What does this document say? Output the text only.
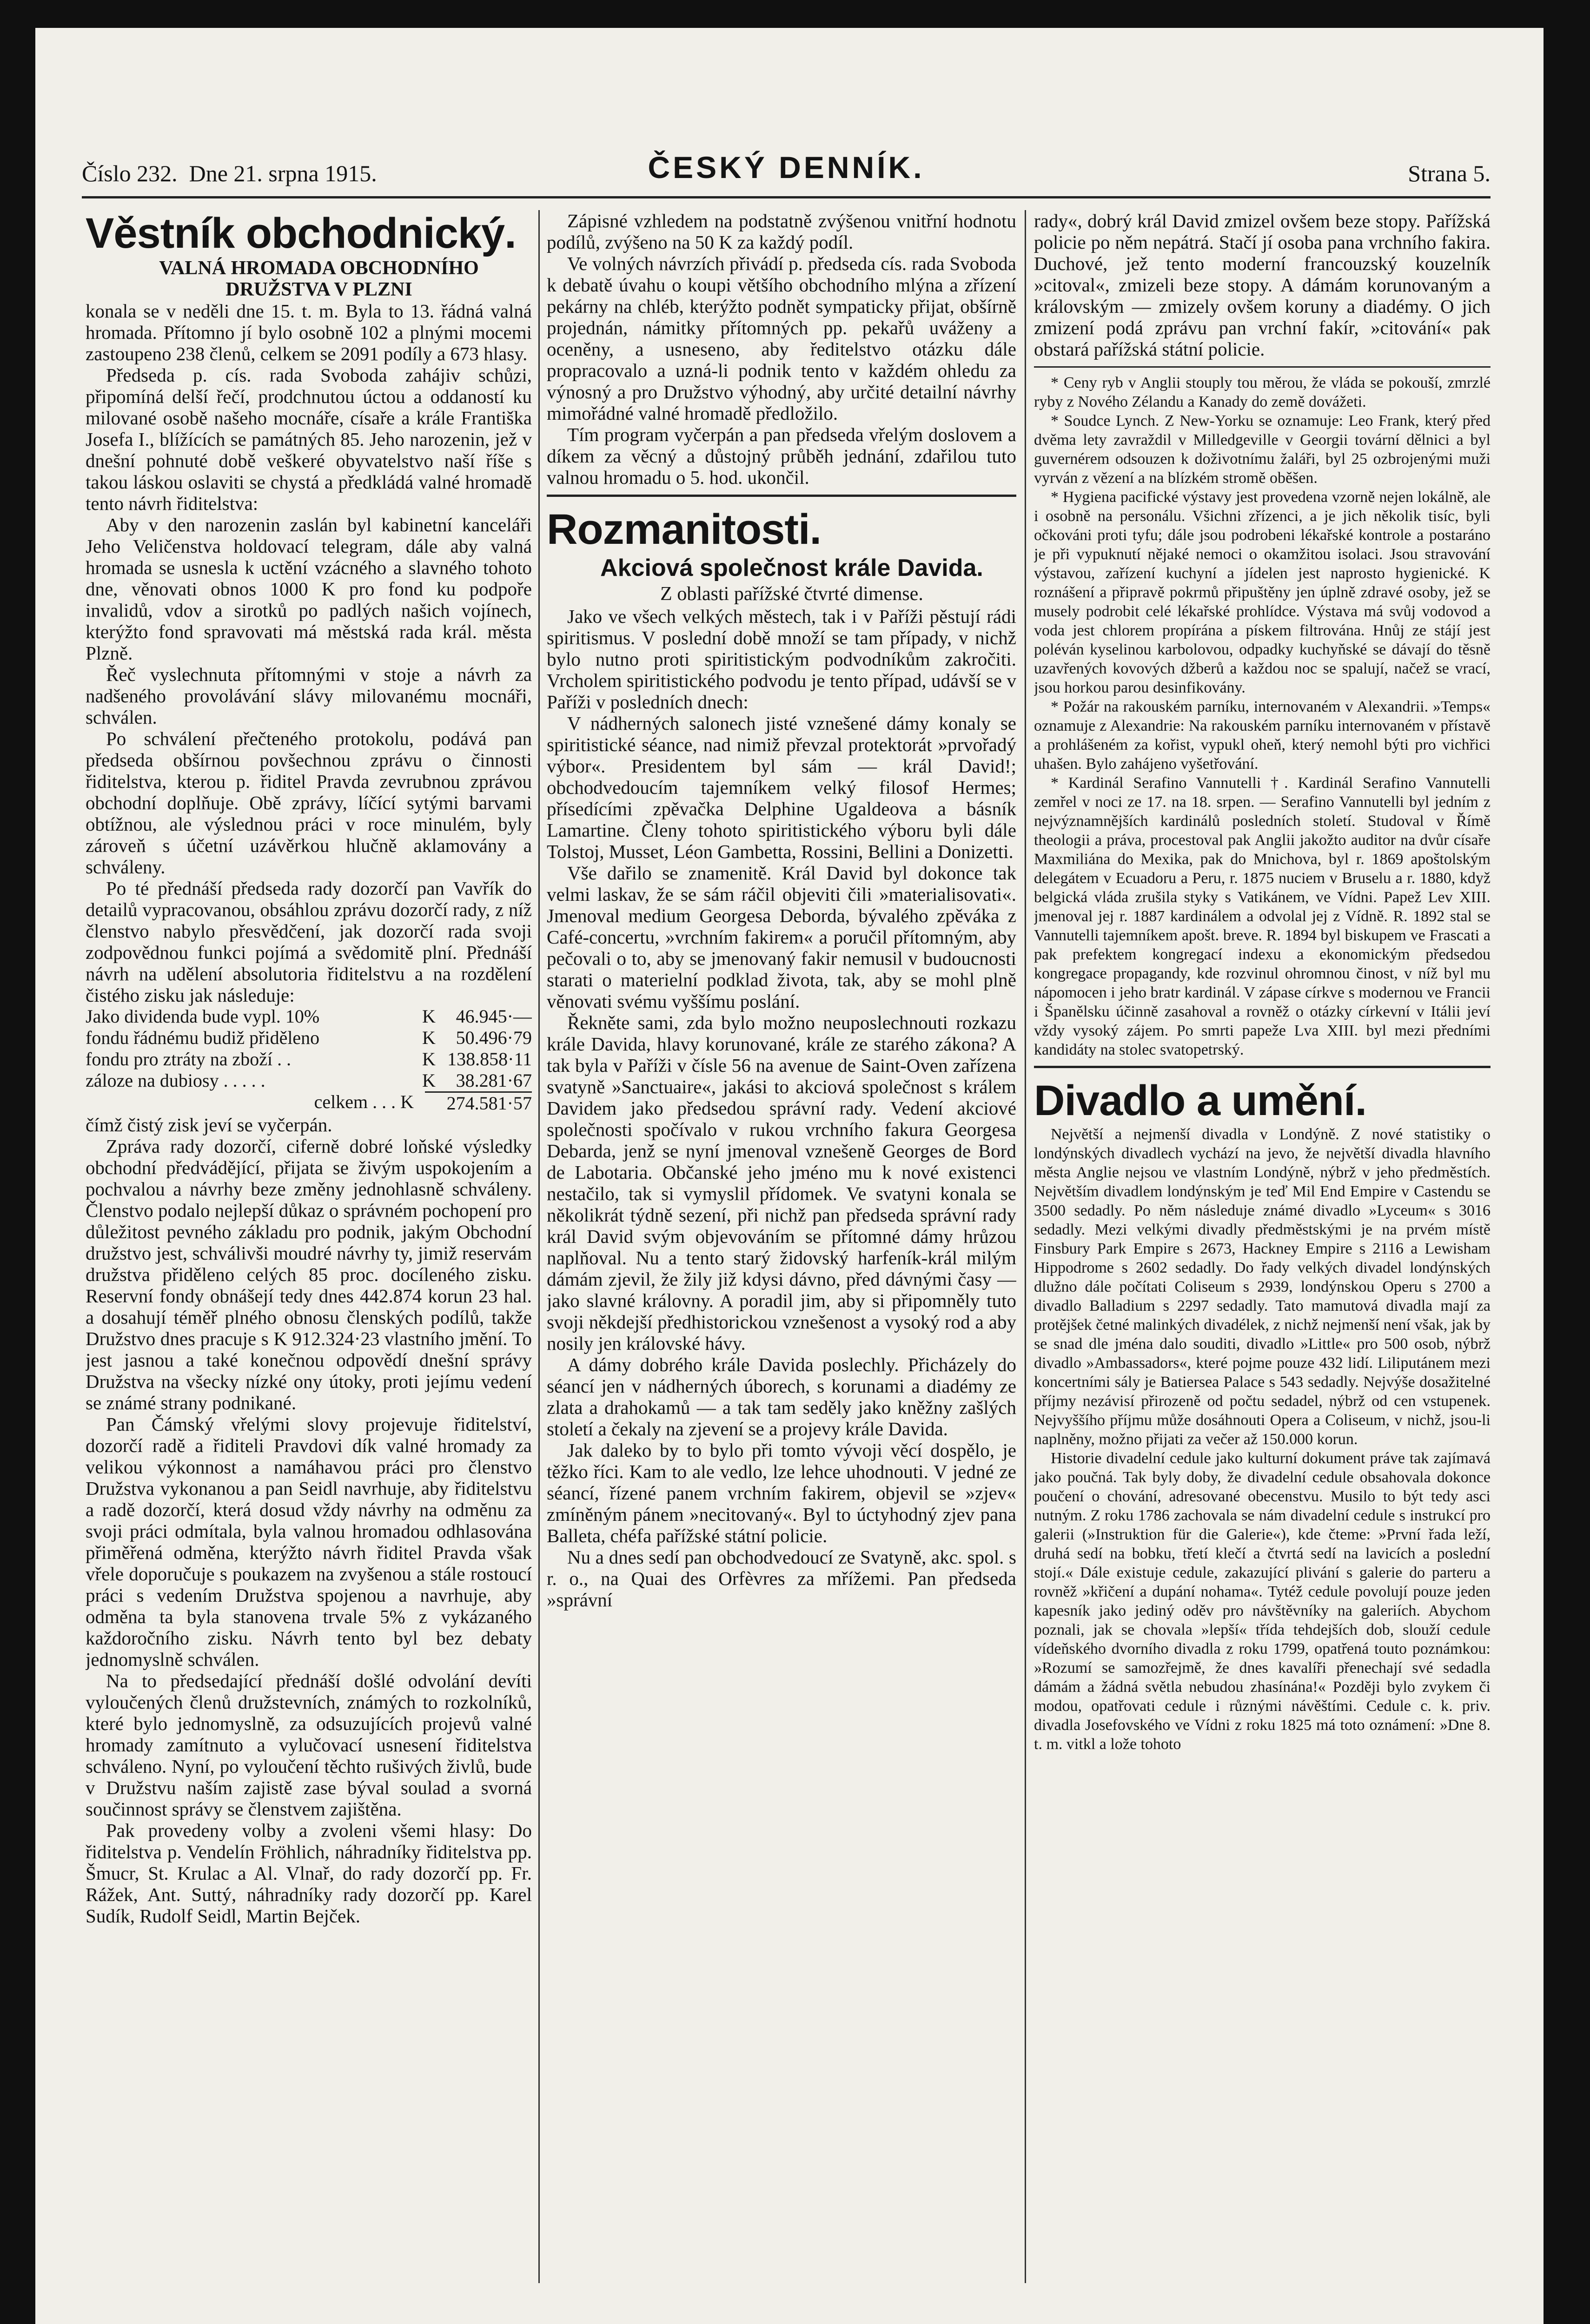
Číslo 232. Dne 21. srpna 1915.	ČESKÝ DENNÍK.	Strana 5.
Věstník obchodnický.

VALNÁ HROMADA OBCHODNÍHO

DRUŽSTVA V PLZNI

konala se v neděli dne 15. t. m. Byla to 13. řádná valná hromada. Přítomno jí bylo osobně 102 a plnými mocemi zastoupeno 238 členů, celkem se 2091 podíly a 673 hlasy.

Předseda p. cís. rada Svoboda zahájiv schůzi, připomíná delší řečí, prodchnutou úctou a oddaností ku milované osobě našeho mocnáře, císaře a krále Františka Josefa I., blížících se památných 85. Jeho narozenin, jež v dnešní pohnuté době veškeré obyvatelstvo naší říše s takou láskou oslaviti se chystá a předkládá valné hromadě tento návrh řiditelstva:

Aby v den narozenin zaslán byl kabinetní kanceláři Jeho Veličenstva holdovací telegram, dále aby valná hromada se usnesla k uctění vzácného a slavného tohoto dne, věnovati obnos 1000 K pro fond ku podpoře invalidů, vdov a sirotků po padlých našich vojínech, kterýžto fond spravovati má městská rada král. města Plzně.

Řeč vyslechnuta přítomnými v stoje a návrh za nadšeného provolávání slávy milovanému mocnáři, schválen.

Po schválení přečteného protokolu, podává pan předseda obšírnou povšechnou zprávu o činnosti řiditelstva, kterou p. řiditel Pravda zevrubnou zprávou obchodní doplňuje. Obě zprávy, líčící sytými barvami obtížnou, ale výslednou práci v roce minulém, byly zároveň s účetní uzávěrkou hlučně aklamovány a schváleny.

Po té přednáší předseda rady dozorčí pan Vavřík do detailů vypracovanou, obsáhlou zprávu dozorčí rady, z níž členstvo nabylo přesvědčení, jak dozorčí rada svoji zodpovědnou funkci pojímá a svědomitě plní. Přednáší návrh na udělení absolutoria řiditelstvu a na rozdělení čistého zisku jak následuje:

Jako dividenda bude vypl. 10%	K	46.945·—
fondu řádnému budiž přiděleno	K	50.496·79
fondu pro ztráty na zboží . .	K 138.858·11
záloze na dubiosy . . . . .	K	38.281·67
celkem . . . K	274.581·57

čímž čistý zisk jeví se vyčerpán.

Zpráva rady dozorčí, ciferně dobré loňské výsledky obchodní předvádějící, přijata se živým uspokojením a pochvalou a návrhy beze změny jednohlasně schváleny. Členstvo podalo nejlepší důkaz o správném pochopení pro důležitost pevného základu pro podnik, jakým Obchodní družstvo jest, schválivši moudré návrhy ty, jimiž reservám družstva přiděleno celých 85 proc. docíleného zisku. Reservní fondy obnášejí tedy dnes 442.874 korun 23 hal. a dosahují téměř plného obnosu členských podílů, takže Družstvo dnes pracuje s K 912.324·23 vlastního jmění. To jest jasnou a také konečnou odpovědí dnešní správy Družstva na všecky nízké ony útoky, proti jejímu vedení se známé strany podnikané.

Pan Čámský vřelými slovy projevuje řiditelství, dozorčí radě a řiditeli Pravdovi dík valné hromady za velikou výkonnost a namáhavou práci pro členstvo Družstva vykonanou a pan Seidl navrhuje, aby řiditelstvu a radě dozorčí, která dosud vždy návrhy na odměnu za svoji práci odmítala, byla valnou hromadou odhlasována přiměřená odměna, kterýžto návrh řiditel Pravda však vřele doporučuje s poukazem na zvyšenou a stále rostoucí práci s vedením Družstva spojenou a navrhuje, aby odměna ta byla stanovena trvale 5% z vykázaného každoročního zisku. Návrh tento byl bez debaty jednomyslně schválen.

Na to předsedající přednáší došlé odvolání devíti vyloučených členů družstevních, známých to rozkolníků, které bylo jednomyslně, za odsuzujících projevů valné hromady zamítnuto a vylučovací usnesení řiditelstva schváleno. Nyní, po vyloučení těchto rušivých živlů, bude v Družstvu naším zajistě zase býval soulad a svorná součinnost správy se členstvem zajištěna.

Pak provedeny volby a zvoleni všemi hlasy: Do řiditelstva p. Vendelín Fröhlich, náhradníky řiditelstva pp. Šmucr, St. Krulac a Al. Vlnař, do rady dozorčí pp. Fr. Rážek, Ant. Suttý, náhradníky rady dozorčí pp. Karel Sudík, Rudolf Seidl, Martin Bejček.

Zápisné vzhledem na podstatně zvýšenou vnitřní hodnotu podílů, zvýšeno na 50 K za každý podíl.

Ve volných návrzích přivádí p. předseda cís. rada Svoboda k debatě úvahu o koupi většího obchodního mlýna a zřízení pekárny na chléb, kterýžto podnět sympaticky přijat, obšírně projednán, námitky přítomných pp. pekařů uváženy a oceněny, a usneseno, aby ředitelstvo otázku dále propracovalo a uzná-li podnik tento v každém ohledu za výnosný a pro Družstvo výhodný, aby určité detailní návrhy mimořádné valné hromadě předložilo.

Tím program vyčerpán a pan předseda vřelým doslovem a díkem za věcný a důstojný průběh jednání, zdařilou tuto valnou hromadu o 5. hod. ukončil.

Rozmanitosti.

Akciová společnost krále Davida.

Z oblasti pařížské čtvrté dimense.

Jako ve všech velkých městech, tak i v Paříži pěstují rádi spiritismus. V poslední době množí se tam případy, v nichž bylo nutno proti spiritistickým podvodníkům zakročiti. Vrcholem spiritistického podvodu je tento případ, udávší se v Paříži v posledních dnech:

V nádherných salonech jisté vznešené dámy konaly se spiritistické séance, nad nimiž převzal protektorát »prvořadý výbor«. Presidentem byl sám — král David!; obchodvedoucím tajemníkem velký filosof Hermes; přísedícími zpěvačka Delphine Ugaldeova a básník Lamartine. Členy tohoto spiritistického výboru byli dále Tolstoj, Musset, Léon Gambetta, Rossini, Bellini a Donizetti.

Vše dařilo se znamenitě. Král David byl dokonce tak velmi laskav, že se sám ráčil objeviti čili »materialisovati«. Jmenoval medium Georgesa Deborda, bývalého zpěváka z Café-concertu, »vrchním fakirem« a poručil přítomným, aby pečovali o to, aby se jmenovaný fakir nemusil v budoucnosti starati o materielní podklad života, tak, aby se mohl plně věnovati svému vyššímu poslání.

Řekněte sami, zda bylo možno neuposlechnouti rozkazu krále Davida, hlavy korunované, krále ze starého zákona? A tak byla v Paříži v čísle 56 na avenue de Saint-Oven zařízena svatyně »Sanctuaire«, jakási to akciová společnost s králem Davidem jako předsedou správní rady. Vedení akciové společnosti spočívalo v rukou vrchního fakura Georgesa Debarda, jenž se nyní jmenoval vznešeně Georges de Bord de Labotaria. Občanské jeho jméno mu k nové existenci nestačilo, tak si vymyslil přídomek. Ve svatyni konala se několikrát týdně sezení, při nichž pan předseda správní rady král David svým objevováním se přítomné dámy hrůzou naplňoval. Nu a tento starý židovský harfeník-král milým dámám zjevil, že žily již kdysi dávno, před dávnými časy — jako slavné královny. A poradil jim, aby si připomněly tuto svoji někdejší předhistorickou vznešenost a vysoký rod a aby nosily jen královské hávy.

A dámy dobrého krále Davida poslechly. Přicházely do séancí jen v nádherných úborech, s korunami a diadémy ze zlata a drahokamů — a tak tam seděly jako kněžny zašlých století a čekaly na zjevení se a projevy krále Davida.

Jak daleko by to bylo při tomto vývoji věcí dospělo, je těžko říci. Kam to ale vedlo, lze lehce uhodnouti. V jedné ze séancí, řízené panem vrchním fakirem, objevil se »zjev« zmíněným pánem »necitovaný«. Byl to úctyhodný zjev pana Balleta, chéfa pařížské státní policie.

Nu a dnes sedí pan obchodvedoucí ze Svatyně, akc. spol. s r. o., na Quai des Orfèvres za mřížemi. Pan předseda »správní

rady«, dobrý král David zmizel ovšem beze stopy. Pařížská policie po něm nepátrá. Stačí jí osoba pana vrchního fakira. Duchové, jež tento moderní francouzský kouzelník »citoval«, zmizeli beze stopy. A dámám korunovaným a královským — zmizely ovšem koruny a diadémy. O jich zmizení podá zprávu pan vrchní fakír, »citování« pak obstará pařížská státní policie.

* Ceny ryb v Anglii stouply tou měrou, že vláda se pokouší, zmrzlé ryby z Nového Zélandu a Kanady do země dovážeti.

* Soudce Lynch. Z New-Yorku se oznamuje: Leo Frank, který před dvěma lety zavraždil v Milledgeville v Georgii tovární dělnici a byl guvernérem odsouzen k doživotnímu žaláři, byl 25 ozbrojenými muži vyrván z vězení a na blízkém stromě oběšen.

* Hygiena pacifické výstavy jest provedena vzorně nejen lokálně, ale i osobně na personálu. Všichni zřízenci, a je jich několik tisíc, byli očkováni proti tyfu; dále jsou podrobeni lékařské kontrole a postaráno je při vypuknutí nějaké nemoci o okamžitou isolaci. Jsou stravování výstavou, zařízení kuchyní a jídelen jest naprosto hygienické. K roznášení a připravě pokrmů připuštěny jen úplně zdravé osoby, jež se musely podrobit celé lékařské prohlídce. Výstava má svůj vodovod a voda jest chlorem propírána a pískem filtrována. Hnůj ze stájí jest poléván kyselinou karbolovou, odpadky kuchyňské se dávají do těsně uzavřených kovových džberů a každou noc se spalují, načež se vrací, jsou horkou parou desinfikovány.

* Požár na rakouském parníku, internovaném v Alexandrii. »Temps« oznamuje z Alexandrie: Na rakouském parníku internovaném v přístavě a prohlášeném za kořist, vypukl oheň, který nemohl býti pro vichřici uhašen. Bylo zahájeno vyšetřování.

* Kardinál Serafino Vannutelli †. Kardinál Serafino Vannutelli zemřel v noci ze 17. na 18. srpen. — Serafino Vannutelli byl jedním z nejvýznamnějších kardinálů posledních století. Studoval v Římě theologii a práva, procestoval pak Anglii jakožto auditor na dvůr císaře Maxmiliána do Mexika, pak do Mnichova, byl r. 1869 apoštolským delegátem v Ecuadoru a Peru, r. 1875 nuciem v Bruselu a r. 1880, když belgická vláda zrušila styky s Vatikánem, ve Vídni. Papež Lev XIII. jmenoval jej r. 1887 kardinálem a odvolal jej z Vídně. R. 1892 stal se Vannutelli tajemníkem apošt. breve. R. 1894 byl biskupem ve Frascati a pak prefektem kongregací indexu a ekonomickým předsedou kongregace propagandy, kde rozvinul ohromnou činost, v níž byl mu nápomocen i jeho bratr kardinál. V zápase církve s modernou ve Francii i Španělsku účinně zasahoval a rovněž o otázky církevní v Itálii jeví vždy vysoký zájem. Po smrti papeže Lva XIII. byl mezi předními kandidáty na stolec svatopetrský.

Divadlo a umění.

Největší a nejmenší divadla v Londýně. Z nové statistiky o londýnských divadlech vychází na jevo, že největší divadla hlavního města Anglie nejsou ve vlastním Londýně, nýbrž v jeho předměstích. Největším divadlem londýnským je teď Mil End Empire v Castendu se 3500 sedadly. Po něm následuje známé divadlo »Lyceum« s 3016 sedadly. Mezi velkými divadly předměstskými je na prvém místě Finsbury Park Empire s 2673, Hackney Empire s 2116 a Lewisham Hippodrome s 2602 sedadly. Do řady velkých divadel londýnských dlužno dále počítati Coliseum s 2939, londýnskou Operu s 2700 a divadlo Balladium s 2297 sedadly. Tato mamutová divadla mají za protějšek četné malinkých divadélek, z nichž nejmenší není však, jak by se snad dle jména dalo souditi, divadlo »Little« pro 500 osob, nýbrž divadlo »Ambassadors«, které pojme pouze 432 lidí. Liliputánem mezi koncertními sály je Batiersea Palace s 543 sedadly. Nejvýše dosažitelné příjmy nezávisí přirozeně od počtu sedadel, nýbrž od cen vstupenek. Nejvyššího příjmu může dosáhnouti Opera a Coliseum, v nichž, jsou-li naplněny, možno přijati za večer až 150.000 korun.

Historie divadelní cedule jako kulturní dokument práve tak zajímavá jako poučná. Tak byly doby, že divadelní cedule obsahovala dokonce poučení o chování, adresované obecenstvu. Musilo to být tedy asci nutným. Z roku 1786 zachovala se nám divadelní cedule s instrukcí pro galerii (»Instruktion für die Galerie«), kde čteme: »První řada leží, druhá sedí na bobku, třetí klečí a čtvrtá sedí na lavicích a poslední stojí.« Dále existuje cedule, zakazující plivání s galerie do parteru a rovněž »křičení a dupání nohama«. Tytéž cedule povolují pouze jeden kapesník jako jediný oděv pro návštěvníky na galeriích. Abychom poznali, jak se chovala »lepší« třída tehdejších dob, slouží cedule vídeňského dvorního divadla z roku 1799, opatřená touto poznámkou: »Rozumí se samozřejmě, že dnes kavalíři přenechají své sedadla dámám a žádná světla nebudou zhasínána!« Později bylo zvykem či modou, opatřovati cedule i různými návěštími. Cedule c. k. priv. divadla Josefovského ve Vídni z roku 1825 má toto oznámení: »Dne 8. t. m. vitkl a lože tohoto
